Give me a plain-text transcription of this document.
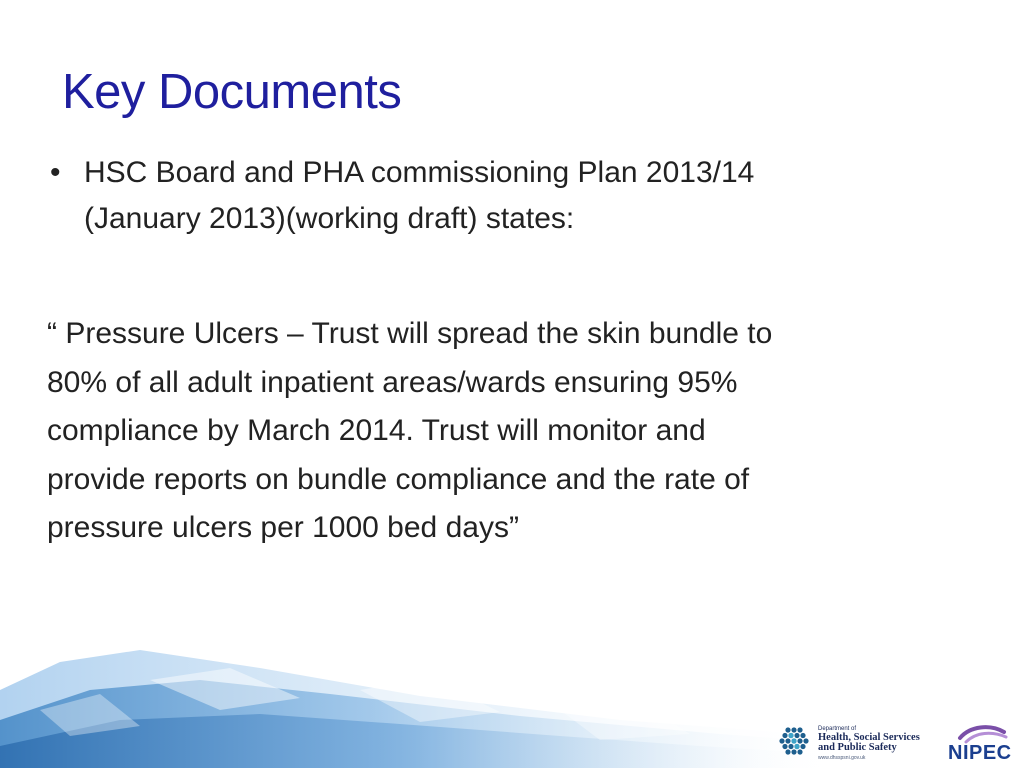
Key Documents
• HSC Board and PHA commissioning Plan 2013/14
(January 2013)(working draft) states:
“ Pressure Ulcers – Trust will spread the skin bundle to
80% of all adult inpatient areas/wards ensuring 95%
compliance by March 2014. Trust will monitor and
provide reports on bundle compliance and the rate of
pressure ulcers per 1000 bed days”
Department of
Health, Social Services
and Public Safety
www.dhsspsni.gov.uk	NIPEC
